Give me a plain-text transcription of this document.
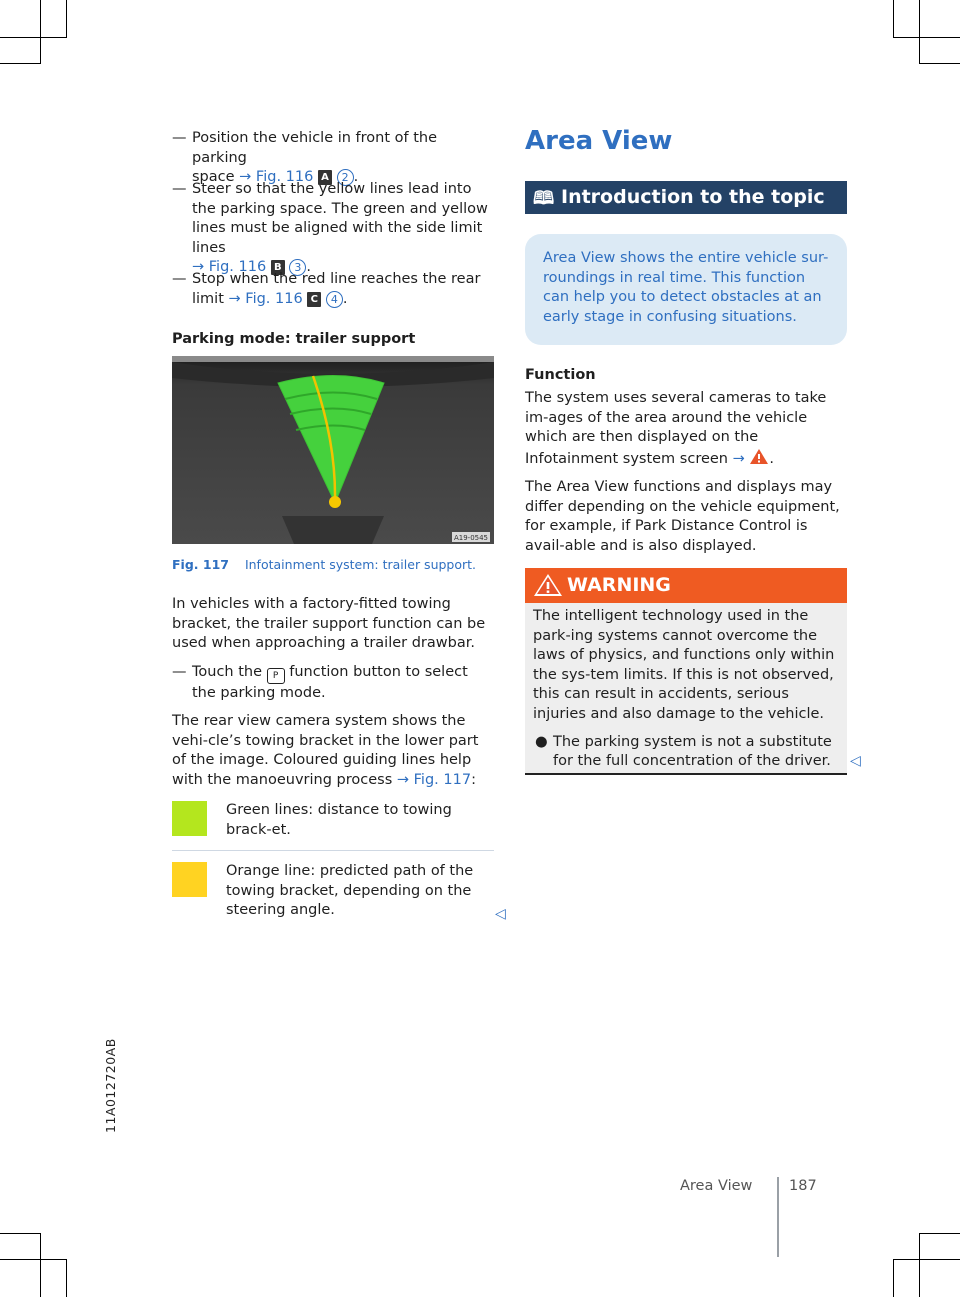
— Position the vehicle in front of the parking
space → Fig. 116 A 2 .
— Steer so that the yellow lines lead into the parking space. The green and yellow lines must be aligned with the side limit lines
→ Fig. 116 B 3 .
— Stop when the red line reaches the rear
limit → Fig. 116 C 4 .
Parking mode: trailer support
A19-0545
Fig. 117 Infotainment system: trailer support.
In vehicles with a factory-fitted towing bracket, the trailer support function can be used when approaching a trailer drawbar.
— Touch the P function button to select
the parking mode.
The rear view camera system shows the vehi-cle’s towing bracket in the lower part of the image. Coloured guiding lines help with the manoeuvring process → Fig. 117:
Green lines: distance to towing brack-et.
Orange line: predicted path of the towing bracket, depending on the steering angle.	◁
Area View
🕮 Introduction to the topic
Area View shows the entire vehicle sur-roundings in real time. This function can help you to detect obstacles at an early stage in confusing situations.
Function
The system uses several cameras to take im-ages of the area around the vehicle which are then displayed on the Infotainment system screen → .
The Area View functions and displays may differ depending on the vehicle equipment, for example, if Park Distance Control is avail-able and is also displayed.
WARNING
The intelligent technology used in the park-ing systems cannot overcome the laws of physics, and functions only within the sys-tem limits. If this is not observed, this can result in accidents, serious injuries and also damage to the vehicle.
● The parking system is not a substitute for the full concentration of the driver.	◁
11A012720AB
Area View	187
